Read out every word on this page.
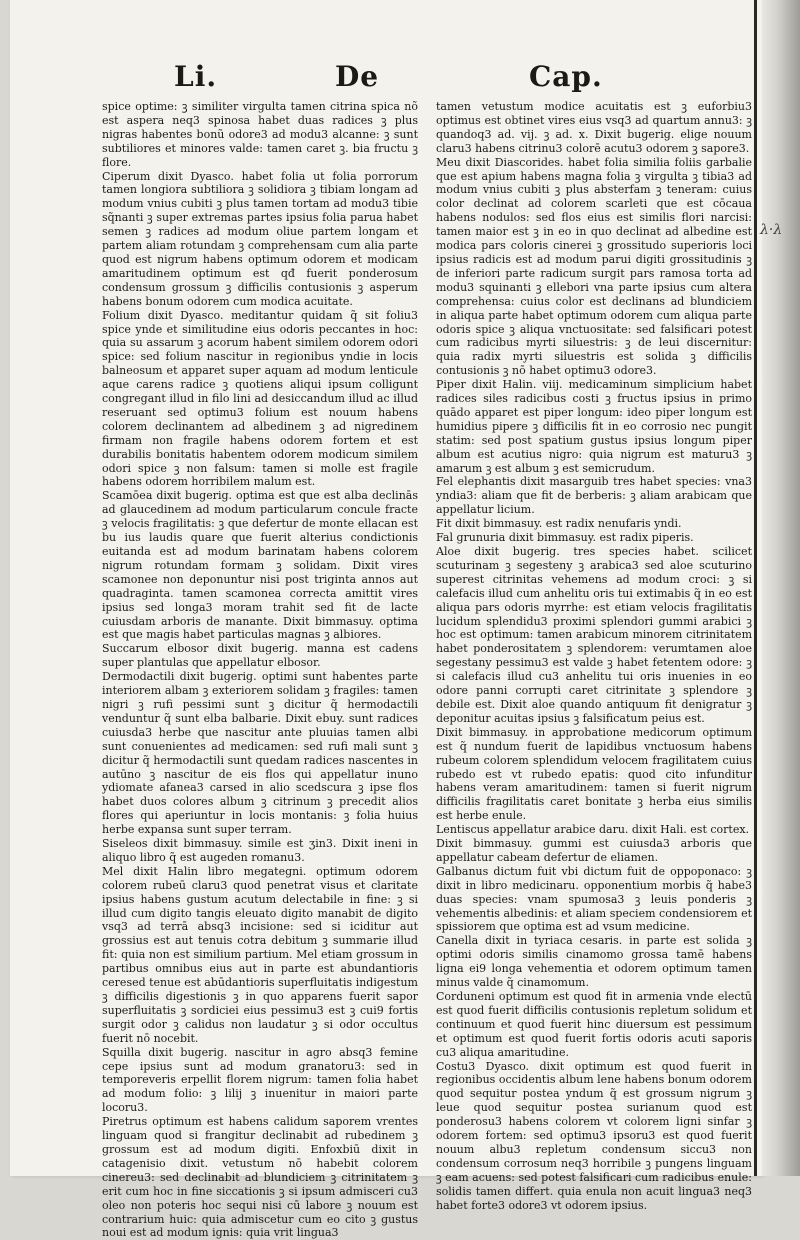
Li.	De	Cap.

spice optime: ꝫ similiter virgulta tamen citrina spica nõ est aspera neq3 spinosa habet duas radices ꝫ plus nigras habentes bonũ odore3 ad modu3 alcanne: ꝫ sunt subtiliores et minores valde: tamen caret ꝫ. bia fructu ꝫ flore.

Ciperum dixit Dyasco. habet folia ut folia porrorum tamen longiora subtiliora ꝫ solidiora ꝫ tibiam longam ad modum vnius cubiti ꝫ plus tamen tortam ad modu3 tibie sq̃nanti ꝫ super extremas partes ipsius folia parua habet semen ꝫ radices ad modum oliue partem longam et partem aliam rotundam ꝫ comprehensam cum alia parte quod est nigrum habens optimum odorem et modicam amaritudinem optimum est qđ fuerit ponderosum condensum grossum ꝫ difficilis contusionis ꝫ asperum habens bonum odorem cum modica acuitate.

Folium dixit Dyasco. meditantur quidam q̃ sit foliu3 spice ynde et similitudine eius odoris peccantes in hoc: quia su assarum ꝫ acorum habent similem odorem odori spice: sed folium nascitur in regionibus yndie in locis balneosum et apparet super aquam ad modum lenticule aque carens radice ꝫ quotiens aliqui ipsum colligunt congregant illud in filo lini ad desiccandum illud ac illud reseruant sed optimu3 folium est nouum habens colorem declinantem ad albedinem ꝫ ad nigredinem firmam non fragile habens odorem fortem et est durabilis bonitatis habentem odorem modicum similem odori spice ꝫ non falsum: tamen si molle est fragile habens odorem horribilem malum est.

Scamōea dixit bugerig. optima est que est alba declinās ad glaucedinem ad modum particularum concule fracte ꝫ velocis fragilitatis: ꝫ que defertur de monte ellacan est bu ius laudis quare que fuerit alterius condictionis euitanda est ad modum barinatam habens colorem nigrum rotundam formam ꝫ solidam. Dixit vires scamonee non deponuntur nisi post triginta annos aut quadraginta. tamen scamonea correcta amittit vires ipsius sed longa3 moram trahit sed fit de lacte cuiusdam arboris de manante. Dixit bimmasuy. optima est que magis habet particulas magnas ꝫ albiores.

Succarum elbosor dixit bugerig. manna est cadens super plantulas que appellatur elbosor.

Dermodactili dixit bugerig. optimi sunt habentes parte interiorem albam ꝫ exteriorem solidam ꝫ fragiles: tamen nigri ꝫ rufi pessimi sunt ꝫ dicitur q̃ hermodactili venduntur q̃ sunt elba balbarie. Dixit ebuy. sunt radices cuiusda3 herbe que nascitur ante pluuias tamen albi sunt conuenientes ad medicamen: sed rufi mali sunt ꝫ dicitur q̃ hermodactili sunt quedam radices nascentes in autūno ꝫ nascitur de eis flos qui appellatur inuno ydiomate afanea3 carsed in alio scedscura ꝫ ipse flos habet duos colores album ꝫ citrinum ꝫ precedit alios flores qui aperiuntur in locis montanis: ꝫ folia huius herbe expansa sunt super terram.

Siseleos dixit bimmasuy. simile est ʒin3. Dixit ineni in aliquo libro q̃ est augeden romanu3.

Mel dixit Halin libro megategni. optimum odorem colorem rubeū claru3 quod penetrat visus et claritate ipsius habens gustum acutum delectabile in fine: ꝫ si illud cum digito tangis eleuato digito manabit de digito vsq3 ad terrā absq3 incisione: sed si iciditur aut grossius est aut tenuis cotra debitum ꝫ summarie illud fit: quia non est similium partium. Mel etiam grossum in partibus omnibus eius aut in parte est abundantioris ceresed tenue est abūdantioris superfluitatis indigestum ꝫ difficilis digestionis ꝫ in quo apparens fuerit sapor superfluitatis ꝫ sordiciei eius pessimu3 est ꝫ cui9 fortis surgit odor ꝫ calidus non laudatur ꝫ si odor occultus fuerit nō nocebit.

Squilla dixit bugerig. nascitur in agro absq3 femine cepe ipsius sunt ad modum granatoru3: sed in temporeveris erpellit florem nigrum: tamen folia habet ad modum folio: ꝫ lilij ꝫ inuenitur in maiori parte locoru3.

Piretrus optimum est habens calidum saporem vrentes linguam quod si frangitur declinabit ad rubedinem ꝫ grossum est ad modum digiti. Enfoxbiū dixit in catagenisio dixit. vetustum nō habebit colorem cinereu3: sed declinabit ad blundiciem ꝫ citrinitatem ꝫ erit cum hoc in fine siccationis ꝫ si ipsum admisceri cu3 oleo non poteris hoc sequi nisi cū labore ꝫ nouum est contrarium huic: quia admiscetur cum eo cito ꝫ gustus noui est ad modum ignis: quia vrit lingua3

tamen vetustum modice acuitatis est ꝫ euforbiu3 optimus est obtinet vires eius vsq3 ad quartum annu3: ꝫ quandoq3 ad. vij. ꝫ ad. x. Dixit bugerig. elige nouum claru3 habens citrinu3 colorē acutu3 odorem ꝫ sapore3.

Meu dixit Diascorides. habet folia similia foliis garbalie que est apium habens magna folia ꝫ virgulta ꝫ tibia3 ad modum vnius cubiti ꝫ plus absterfam ꝫ teneram: cuius color declinat ad colorem scarleti que est cōcaua habens nodulos: sed flos eius est similis flori narcisi: tamen maior est ꝫ in eo in quo declinat ad albedine est modica pars coloris cinerei ꝫ grossitudo superioris loci ipsius radicis est ad modum parui digiti grossitudinis ꝫ de inferiori parte radicum surgit pars ramosa torta ad modu3 squinanti ꝫ ellebori vna parte ipsius cum altera comprehensa: cuius color est declinans ad blundiciem in aliqua parte habet optimum odorem cum aliqua parte odoris spice ꝫ aliqua vnctuositate: sed falsificari potest cum radicibus myrti siluestris: ꝫ de leui discernitur: quia radix myrti siluestris est solida ꝫ difficilis contusionis ꝫ nō habet optimu3 odore3.

Piper dixit Halin. viij. medicaminum simplicium habet radices siles radicibus costi ꝫ fructus ipsius in primo quādo apparet est piper longum: ideo piper longum est humidius pipere ꝫ difficilis fit in eo corrosio nec pungit statim: sed post spatium gustus ipsius longum piper album est acutius nigro: quia nigrum est maturu3 ꝫ amarum ꝫ est album ꝫ est semicrudum.

Fel elephantis dixit masarguib tres habet species: vna3 yndia3: aliam que fit de berberis: ꝫ aliam arabicam que appellatur licium.

Fit dixit bimmasuy. est radix nenufaris yndi.

Fal grunuria dixit bimmasuy. est radix piperis.

Aloe dixit bugerig. tres species habet. scilicet scuturinam ꝫ segesteny ꝫ arabica3 sed aloe scuturino superest citrinitas vehemens ad modum croci: ꝫ si calefacis illud cum anhelitu oris tui extimabis q̃ in eo est aliqua pars odoris myrrhe: est etiam velocis fragilitatis lucidum splendidu3 proximi splendori gummi arabici ꝫ hoc est optimum: tamen arabicum minorem citrinitatem habet ponderositatem ꝫ splendorem: verumtamen aloe segestany pessimu3 est valde ꝫ habet fetentem odore: ꝫ si calefacis illud cu3 anhelitu tui oris inuenies in eo odore panni corrupti caret citrinitate ꝫ splendore ꝫ debile est. Dixit aloe quando antiquum fit denigratur ꝫ deponitur acuitas ipsius ꝫ falsificatum peius est.

Dixit bimmasuy. in approbatione medicorum optimum est q̃ nundum fuerit de lapidibus vnctuosum habens rubeum colorem splendidum velocem fragilitatem cuius rubedo est vt rubedo epatis: quod cito infunditur habens veram amaritudinem: tamen si fuerit nigrum difficilis fragilitatis caret bonitate ꝫ herba eius similis est herbe enule.

Lentiscus appellatur arabice daru. dixit Hali. est cortex.

Dixit bimmasuy. gummi est cuiusda3 arboris que appellatur cabeam defertur de eliamen.

Galbanus dictum fuit vbi dictum fuit de oppoponaco: ꝫ dixit in libro medicinaru. opponentium morbis q̃ habe3 duas species: vnam spumosa3 ꝫ leuis ponderis ꝫ vehementis albedinis: et aliam speciem condensiorem et spissiorem que optima est ad vsum medicine.

Canella dixit in tyriaca cesaris. in parte est solida ꝫ optimi odoris similis cinamomo grossa tamē habens ligna ei9 longa vehementia et odorem optimum tamen minus valde q̃ cinamomum.

Corduneni optimum est quod fit in armenia vnde electū est quod fuerit difficilis contusionis repletum solidum et continuum et quod fuerit hinc diuersum est pessimum et optimum est quod fuerit fortis odoris acuti saporis cu3 aliqua amaritudine.

Costu3 Dyasco. dixit optimum est quod fuerit in regionibus occidentis album lene habens bonum odorem quod sequitur postea yndum q̃ est grossum nigrum ꝫ leue quod sequitur postea surianum quod est ponderosu3 habens colorem vt colorem ligni sinfar ꝫ odorem fortem: sed optimu3 ipsoru3 est quod fuerit nouum albu3 repletum condensum siccu3 non condensum corrosum neq3 horribile ꝫ pungens linguam ꝫ eam acuens: sed potest falsificari cum radicibus enule: solidis tamen differt. quia enula non acuit lingua3 neq3 habet forte3 odore3 vt odorem ipsius.

λ·λ
